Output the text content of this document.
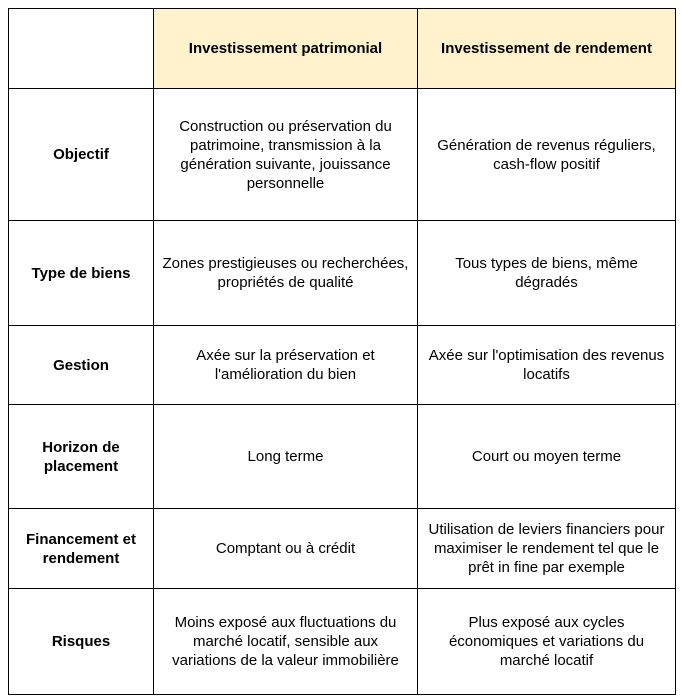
	Investissement patrimonial	Investissement de rendement
Objectif	Construction ou préservation du patrimoine, transmission à la génération suivante, jouissance personnelle	Génération de revenus réguliers, cash-flow positif
Type de biens	Zones prestigieuses ou recherchées, propriétés de qualité	Tous types de biens, même dégradés
Gestion	Axée sur la préservation et l'amélioration du bien	Axée sur l'optimisation des revenus locatifs
Horizon de placement	Long terme	Court ou moyen terme
Financement et rendement	Comptant ou à crédit	Utilisation de leviers financiers pour maximiser le rendement tel que le prêt in fine par exemple
Risques	Moins exposé aux fluctuations du marché locatif, sensible aux variations de la valeur immobilière	Plus exposé aux cycles économiques et variations du marché locatif
